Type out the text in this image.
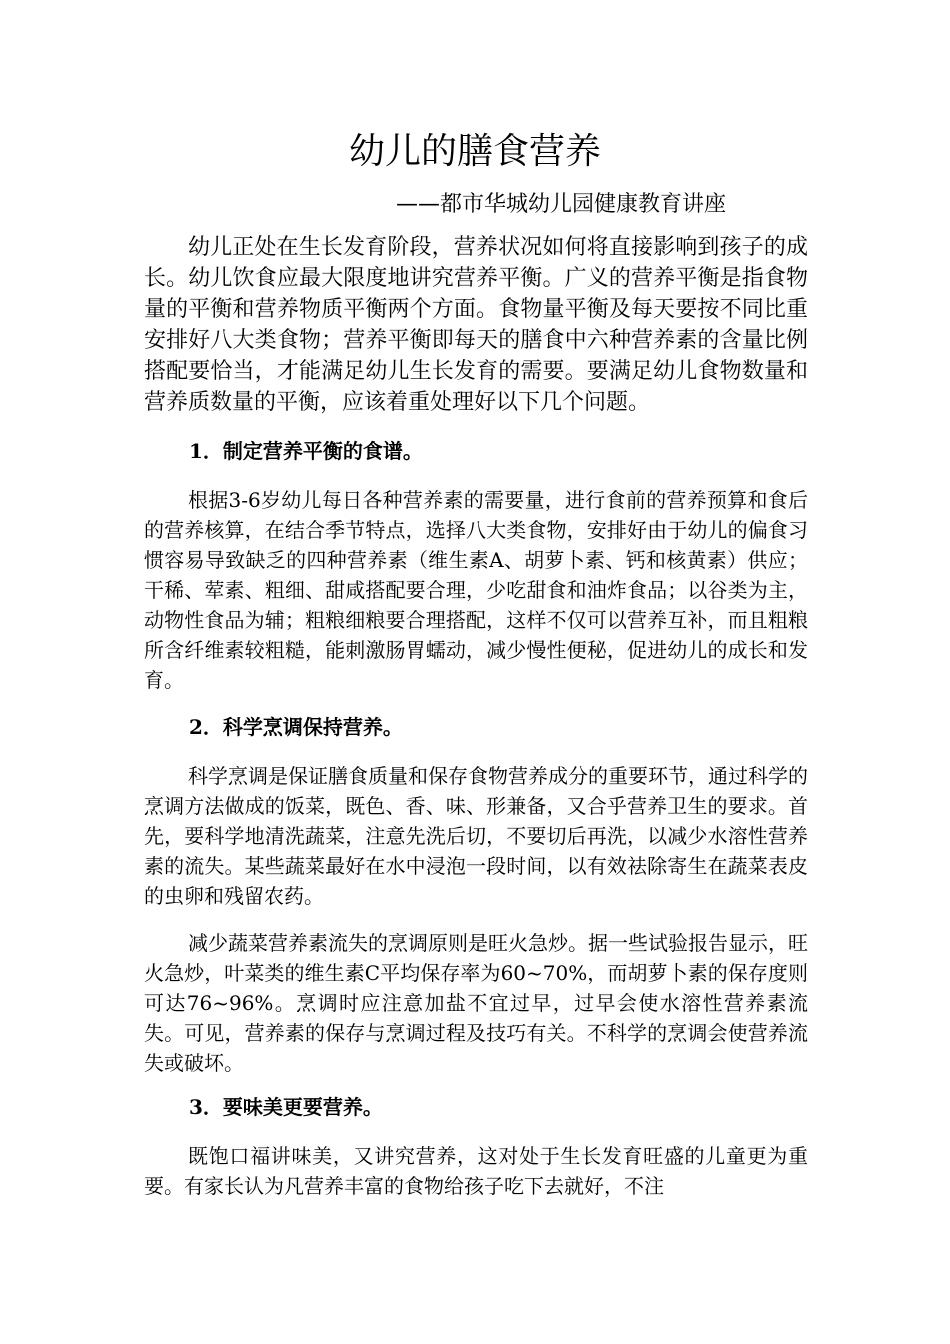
幼儿的膳食营养
——都市华城幼儿园健康教育讲座

幼儿正处在生长发育阶段，营养状况如何将直接影响到孩子的成长。幼儿饮食应最大限度地讲究营养平衡。广义的营养平衡是指食物量的平衡和营养物质平衡两个方面。食物量平衡及每天要按不同比重安排好八大类食物；营养平衡即每天的膳食中六种营养素的含量比例搭配要恰当，才能满足幼儿生长发育的需要。要满足幼儿食物数量和 营养质数量的平衡，应该着重处理好以下几个问题。

1．制定营养平衡的食谱。

根据3-6岁幼儿每日各种营养素的需要量，进行食前的营养预算和食后的营养核算，在结合季节特点，选择八大类食物，安排好由于幼儿的偏食习惯容易导致缺乏的四种营养素（维生素A、胡萝卜素、钙和核黄素）供应；干稀、荤素、粗细、甜咸搭配要合理，少吃甜食和油炸食品；以谷类为主，动物性食品为辅；粗粮细粮要合理搭配，这样不仅可以营养互补，而且粗粮所含纤维素较粗糙，能刺激肠胃蠕动，减少慢性便秘，促进幼儿的成长和发育。

2．科学烹调保持营养。

科学烹调是保证膳食质量和保存食物营养成分的重要环节，通过科学的烹调方法做成的饭菜，既色、香、味、形兼备，又合乎营养卫生的要求。首先，要科学地清洗蔬菜，注意先洗后切，不要切后再洗，以减少水溶性营养素的流失。某些蔬菜最好在水中浸泡一段时间，以有效祛除寄生在蔬菜表皮的虫卵和残留农药。

减少蔬菜营养素流失的烹调原则是旺火急炒。据一些试验报告显示，旺火急炒，叶菜类的维生素C平均保存率为60~70%，而胡萝卜素的保存度则可达76~96%。烹调时应注意加盐不宜过早，过早会使水溶性营养素流失。可见，营养素的保存与烹调过程及技巧有关。不科学的烹调会使营养流失或破坏。

3．要味美更要营养。

既饱口福讲味美，又讲究营养，这对处于生长发育旺盛的儿童更为重要。有家长认为凡营养丰富的食物给孩子吃下去就好，不注
